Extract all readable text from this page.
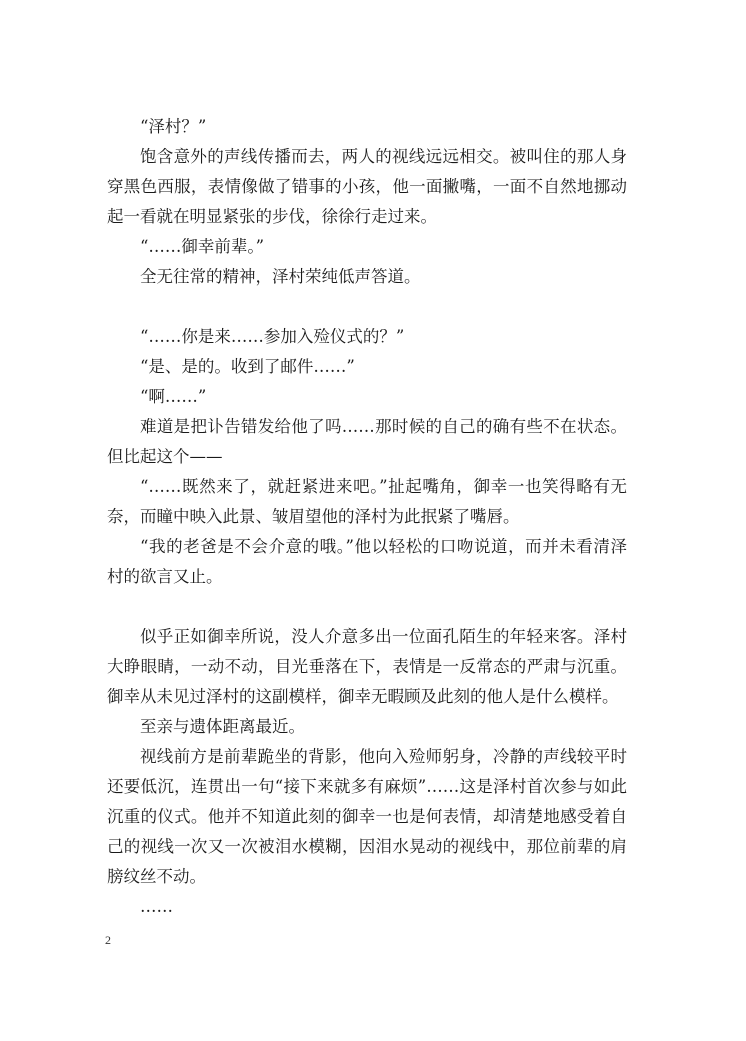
“泽村？”

饱含意外的声线传播而去，两人的视线远远相交。被叫住的那人身穿黑色西服，表情像做了错事的小孩，他一面撇嘴，一面不自然地挪动起一看就在明显紧张的步伐，徐徐行走过来。

“……御幸前辈。”

全无往常的精神，泽村荣纯低声答道。

“……你是来……参加入殓仪式的？”

“是、是的。收到了邮件……”

“啊……”

难道是把讣告错发给他了吗……那时候的自己的确有些不在状态。但比起这个——

“……既然来了，就赶紧进来吧。”扯起嘴角，御幸一也笑得略有无奈，而瞳中映入此景、皱眉望他的泽村为此抿紧了嘴唇。

“我的老爸是不会介意的哦。”他以轻松的口吻说道，而并未看清泽村的欲言又止。

似乎正如御幸所说，没人介意多出一位面孔陌生的年轻来客。泽村大睁眼睛，一动不动，目光垂落在下，表情是一反常态的严肃与沉重。御幸从未见过泽村的这副模样，御幸无暇顾及此刻的他人是什么模样。

至亲与遗体距离最近。

视线前方是前辈跪坐的背影，他向入殓师躬身，冷静的声线较平时还要低沉，连贯出一句“接下来就多有麻烦”……这是泽村首次参与如此沉重的仪式。他并不知道此刻的御幸一也是何表情，却清楚地感受着自己的视线一次又一次被泪水模糊，因泪水晃动的视线中，那位前辈的肩膀纹丝不动。

……

2
